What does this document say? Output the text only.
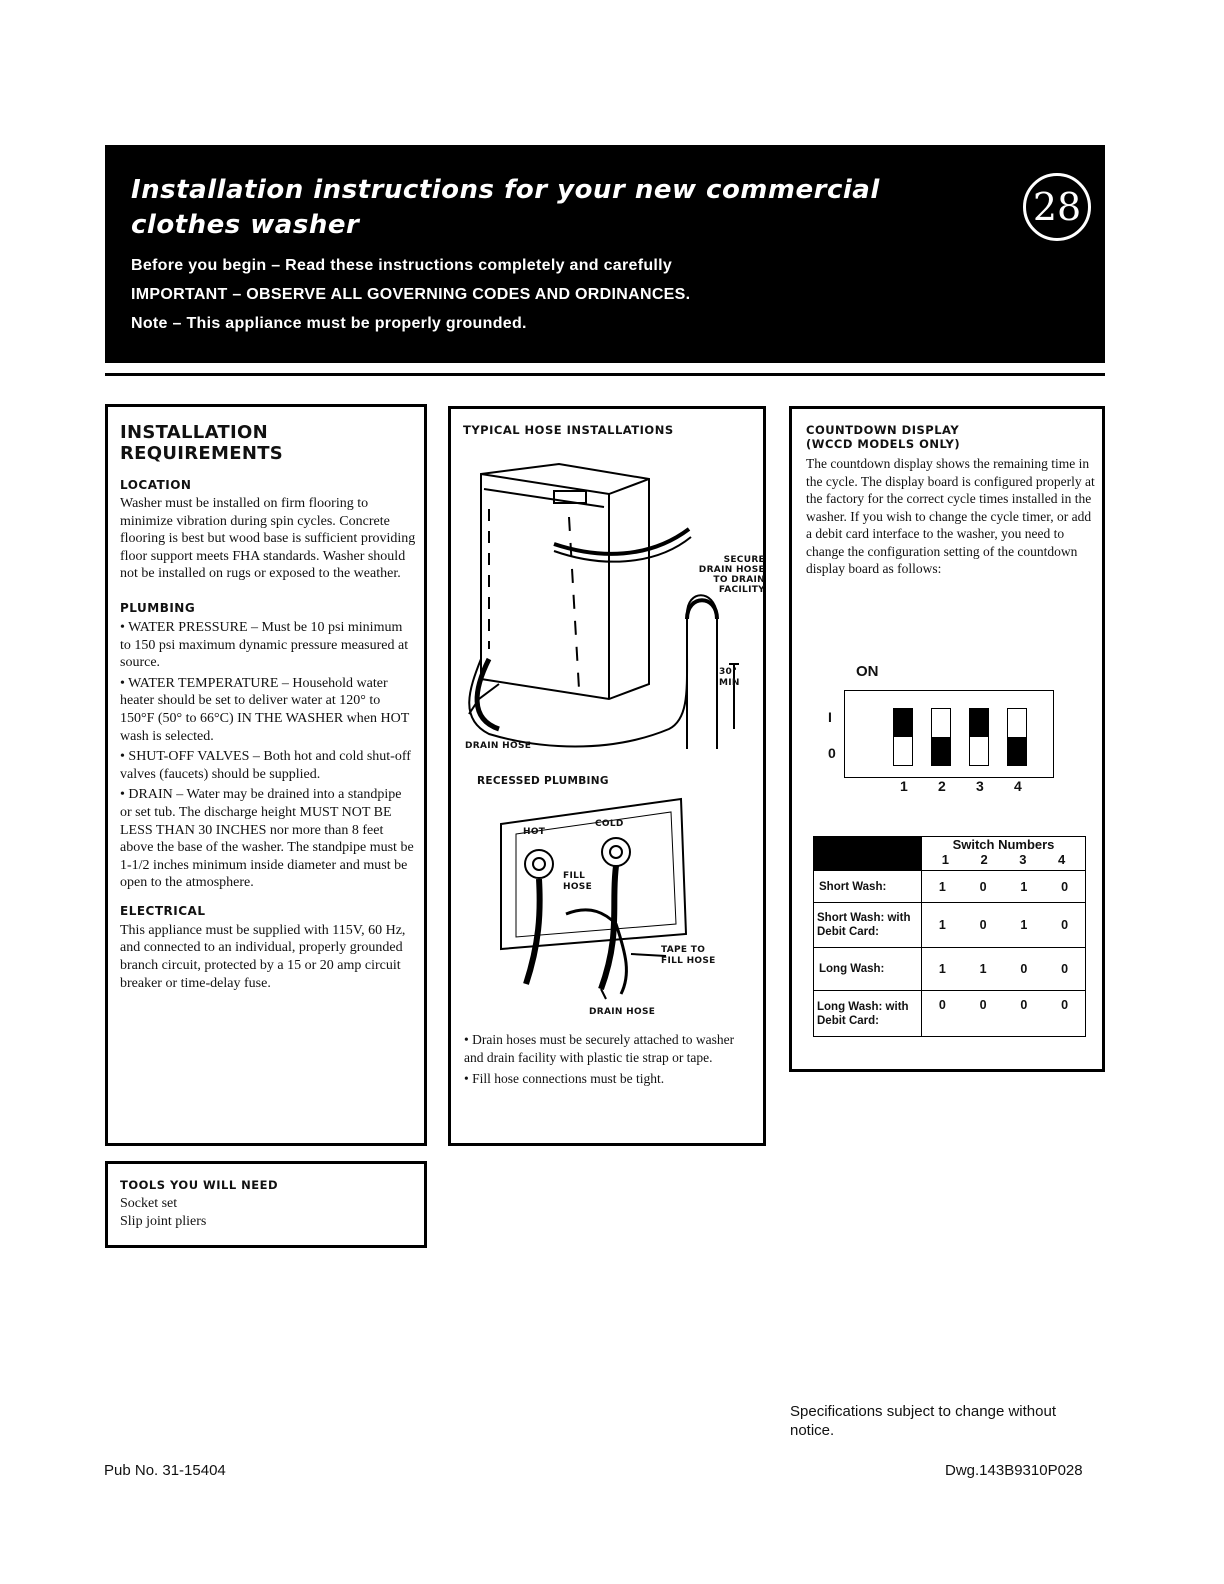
Installation instructions for your new commercial clothes washer	28
Before you begin – Read these instructions completely and carefully
IMPORTANT – OBSERVE ALL GOVERNING CODES AND ORDINANCES.
Note – This appliance must be properly grounded.
INSTALLATION REQUIREMENTS
LOCATION
Washer must be installed on firm flooring to minimize vibration during spin cycles. Concrete flooring is best but wood base is sufficient providing floor support meets FHA standards. Washer should not be installed on rugs or exposed to the weather.
PLUMBING

• WATER PRESSURE – Must be 10 psi minimum to 150 psi maximum dynamic pressure measured at source.

• WATER TEMPERATURE – Household water heater should be set to deliver water at 120° to 150°F (50° to 66°C) IN THE WASHER when HOT wash is selected.

• SHUT-OFF VALVES – Both hot and cold shut-off valves (faucets) should be supplied.

• DRAIN – Water may be drained into a standpipe or set tub. The discharge height MUST NOT BE LESS THAN 30 INCHES nor more than 8 feet above the base of the washer. The standpipe must be 1-1/2 inches minimum inside diameter and must be open to the atmosphere.

ELECTRICAL
This appliance must be supplied with 115V, 60 Hz, and connected to an individual, properly grounded branch circuit, protected by a 15 or 20 amp circuit breaker or time-delay fuse.
TOOLS YOU WILL NEED
Socket set
Slip joint pliers
TYPICAL HOSE INSTALLATIONS
SECURE DRAIN HOSE TO DRAIN FACILITY
30" MIN
DRAIN HOSE
RECESSED PLUMBING
HOT
COLD
FILL HOSE
TAPE TO FILL HOSE
DRAIN HOSE
• Drain hoses must be securely attached to washer and drain facility with plastic tie strap or tape.
• Fill hose connections must be tight.
COUNTDOWN DISPLAY
(WCCD MODELS ONLY)
The countdown display shows the remaining time in the cycle. The display board is configured properly at the factory for the correct cycle times installed in the washer. If you wish to change the cycle timer, or add a debit card interface to the washer, you need to change the configuration setting of the countdown display board as follows:
ON
I
0
1 2 3 4

	Switch Numbers
1 2 3 4

Short Wash:	1 0 1 0

Short Wash: with Debit Card:	1 0 1 0

Long Wash:	1 1 0 0

Long Wash: with Debit Card:	0 0 0 0
Specifications subject to change without notice.
Pub No. 31-15404	Dwg.143B9310P028
